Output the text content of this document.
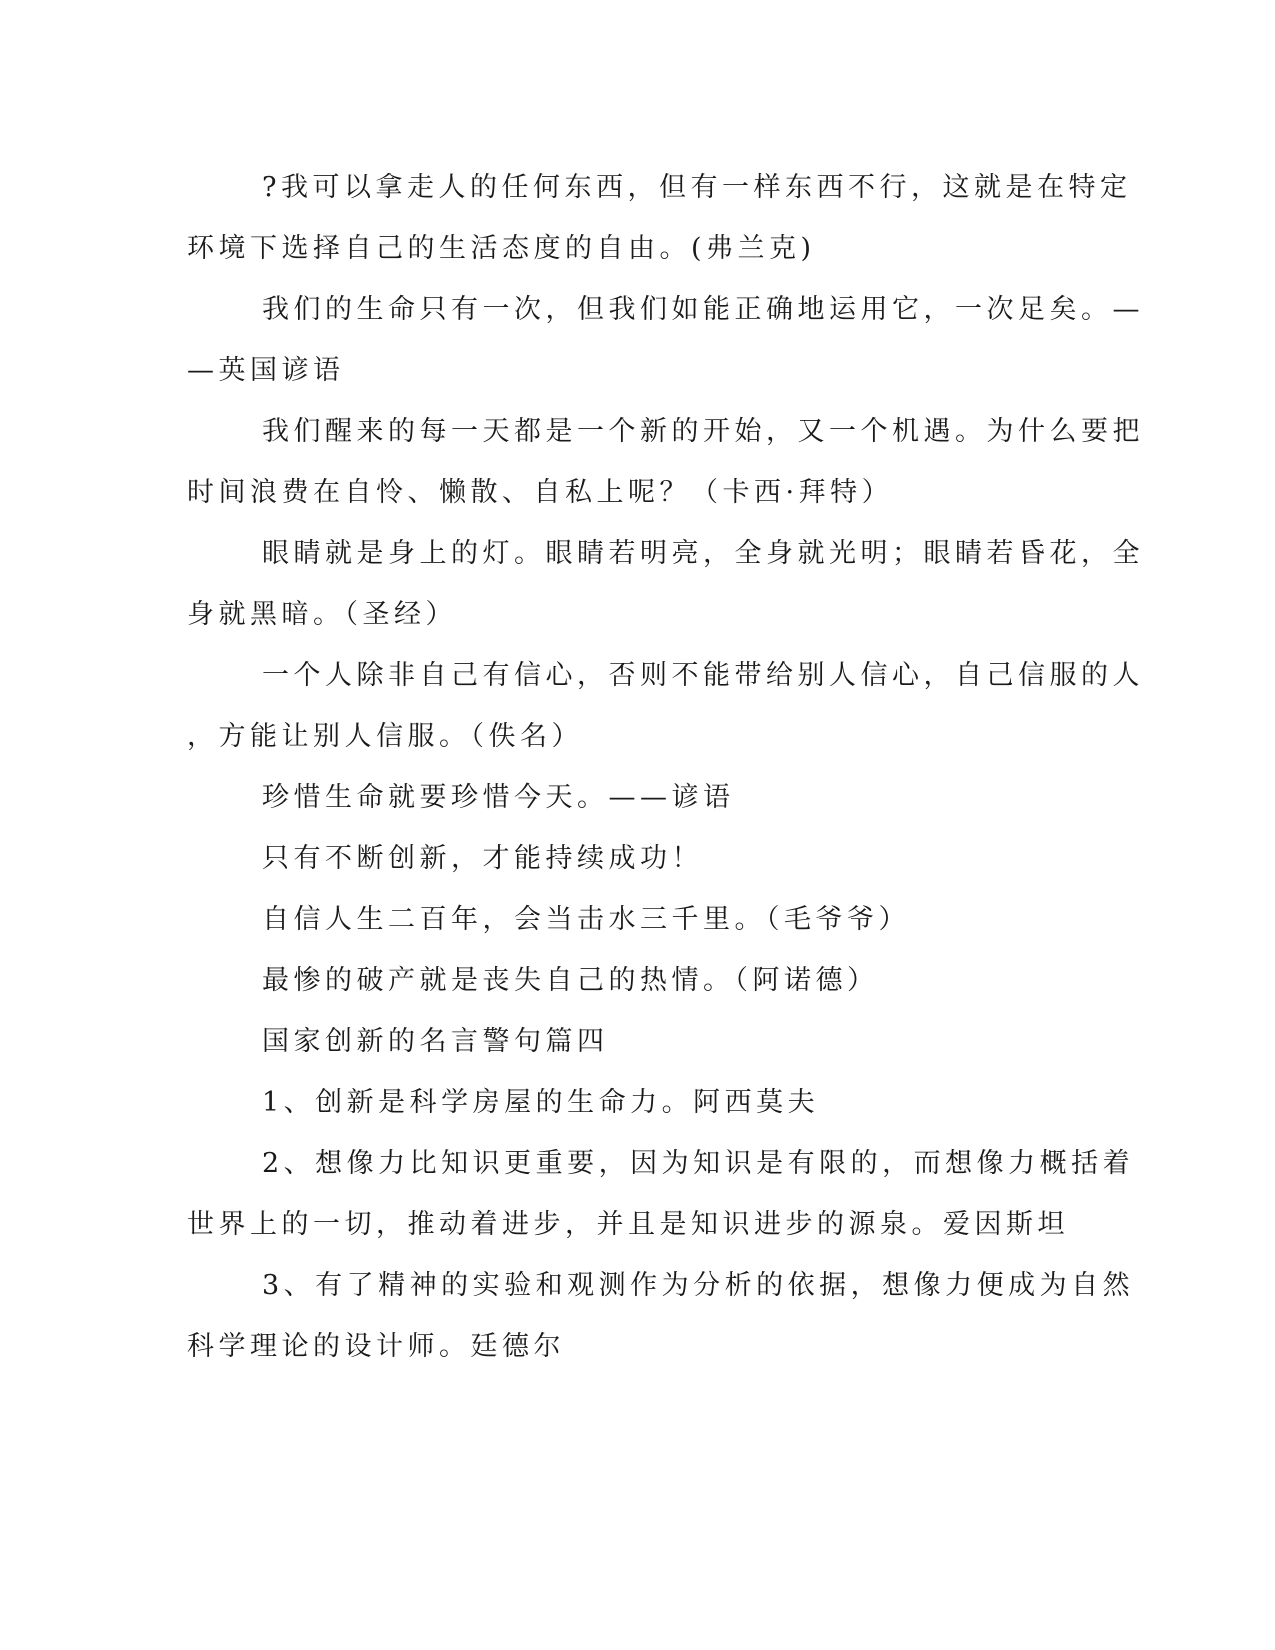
?我可以拿走人的任何东西，但有一样东西不行，这就是在特定
环境下选择自己的生活态度的自由。(弗兰克)
我们的生命只有一次，但我们如能正确地运用它，一次足矣。—
—英国谚语
我们醒来的每一天都是一个新的开始，又一个机遇。为什么要把
时间浪费在自怜、懒散、自私上呢？（卡西·拜特）
眼睛就是身上的灯。眼睛若明亮，全身就光明；眼睛若昏花，全
身就黑暗。（圣经）
一个人除非自己有信心，否则不能带给别人信心，自己信服的人
，方能让别人信服。（佚名）
珍惜生命就要珍惜今天。——谚语
只有不断创新，才能持续成功！
自信人生二百年，会当击水三千里。（毛爷爷）
最惨的破产就是丧失自己的热情。（阿诺德）
国家创新的名言警句篇四
1、创新是科学房屋的生命力。阿西莫夫
2、想像力比知识更重要，因为知识是有限的，而想像力概括着
世界上的一切，推动着进步，并且是知识进步的源泉。爱因斯坦
3、有了精神的实验和观测作为分析的依据，想像力便成为自然
科学理论的设计师。廷德尔
